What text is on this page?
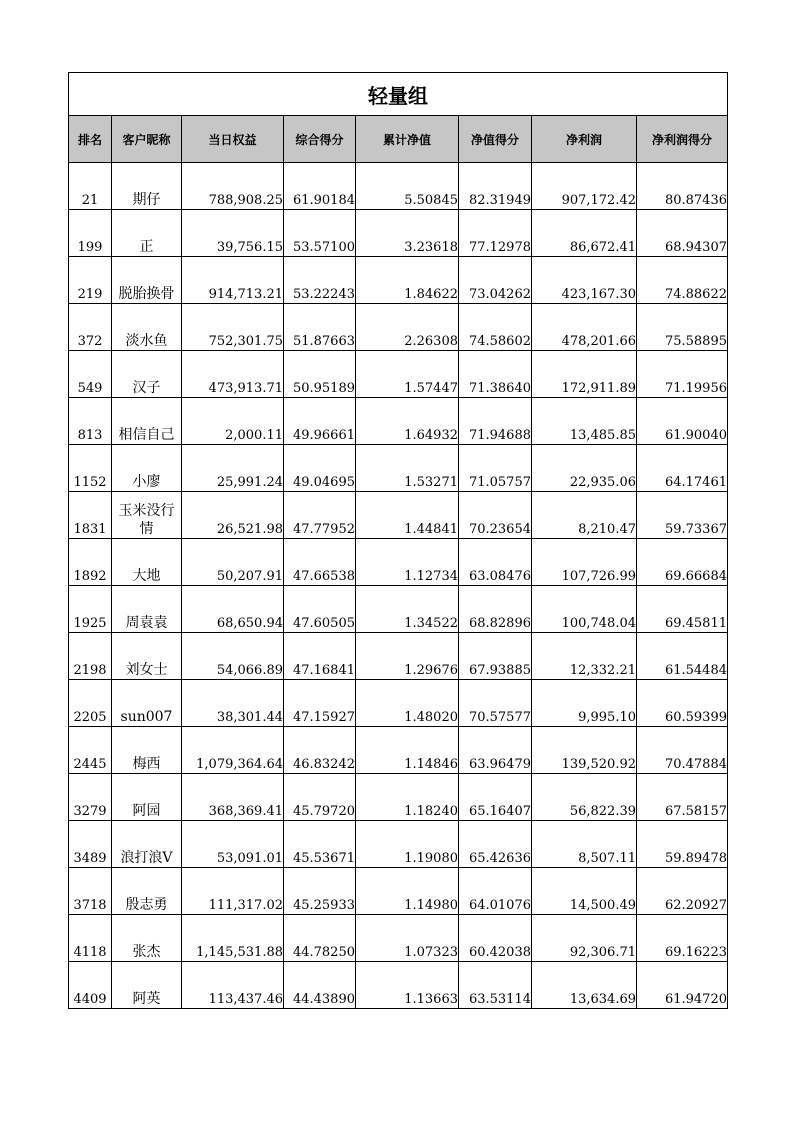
轻量组							
排名	客户昵称	当日权益	综合得分	累计净值	净值得分	净利润	净利润得分
21	期仔	788,908.25	61.90184	5.50845	82.31949	907,172.42	80.87436
199	正	39,756.15	53.57100	3.23618	77.12978	86,672.41	68.94307
219	脱胎换骨	914,713.21	53.22243	1.84622	73.04262	423,167.30	74.88622
372	淡水鱼	752,301.75	51.87663	2.26308	74.58602	478,201.66	75.58895
549	汉子	473,913.71	50.95189	1.57447	71.38640	172,911.89	71.19956
813	相信自己	2,000.11	49.96661	1.64932	71.94688	13,485.85	61.90040
1152	小廖	25,991.24	49.04695	1.53271	71.05757	22,935.06	64.17461
1831	玉米没行情	26,521.98	47.77952	1.44841	70.23654	8,210.47	59.73367
1892	大地	50,207.91	47.66538	1.12734	63.08476	107,726.99	69.66684
1925	周袁袁	68,650.94	47.60505	1.34522	68.82896	100,748.04	69.45811
2198	刘女士	54,066.89	47.16841	1.29676	67.93885	12,332.21	61.54484
2205	sun007	38,301.44	47.15927	1.48020	70.57577	9,995.10	60.59399
2445	梅西	1,079,364.64	46.83242	1.14846	63.96479	139,520.92	70.47884
3279	阿园	368,369.41	45.79720	1.18240	65.16407	56,822.39	67.58157
3489	浪打浪V	53,091.01	45.53671	1.19080	65.42636	8,507.11	59.89478
3718	殷志勇	111,317.02	45.25933	1.14980	64.01076	14,500.49	62.20927
4118	张杰	1,145,531.88	44.78250	1.07323	60.42038	92,306.71	69.16223
4409	阿英	113,437.46	44.43890	1.13663	63.53114	13,634.69	61.94720
